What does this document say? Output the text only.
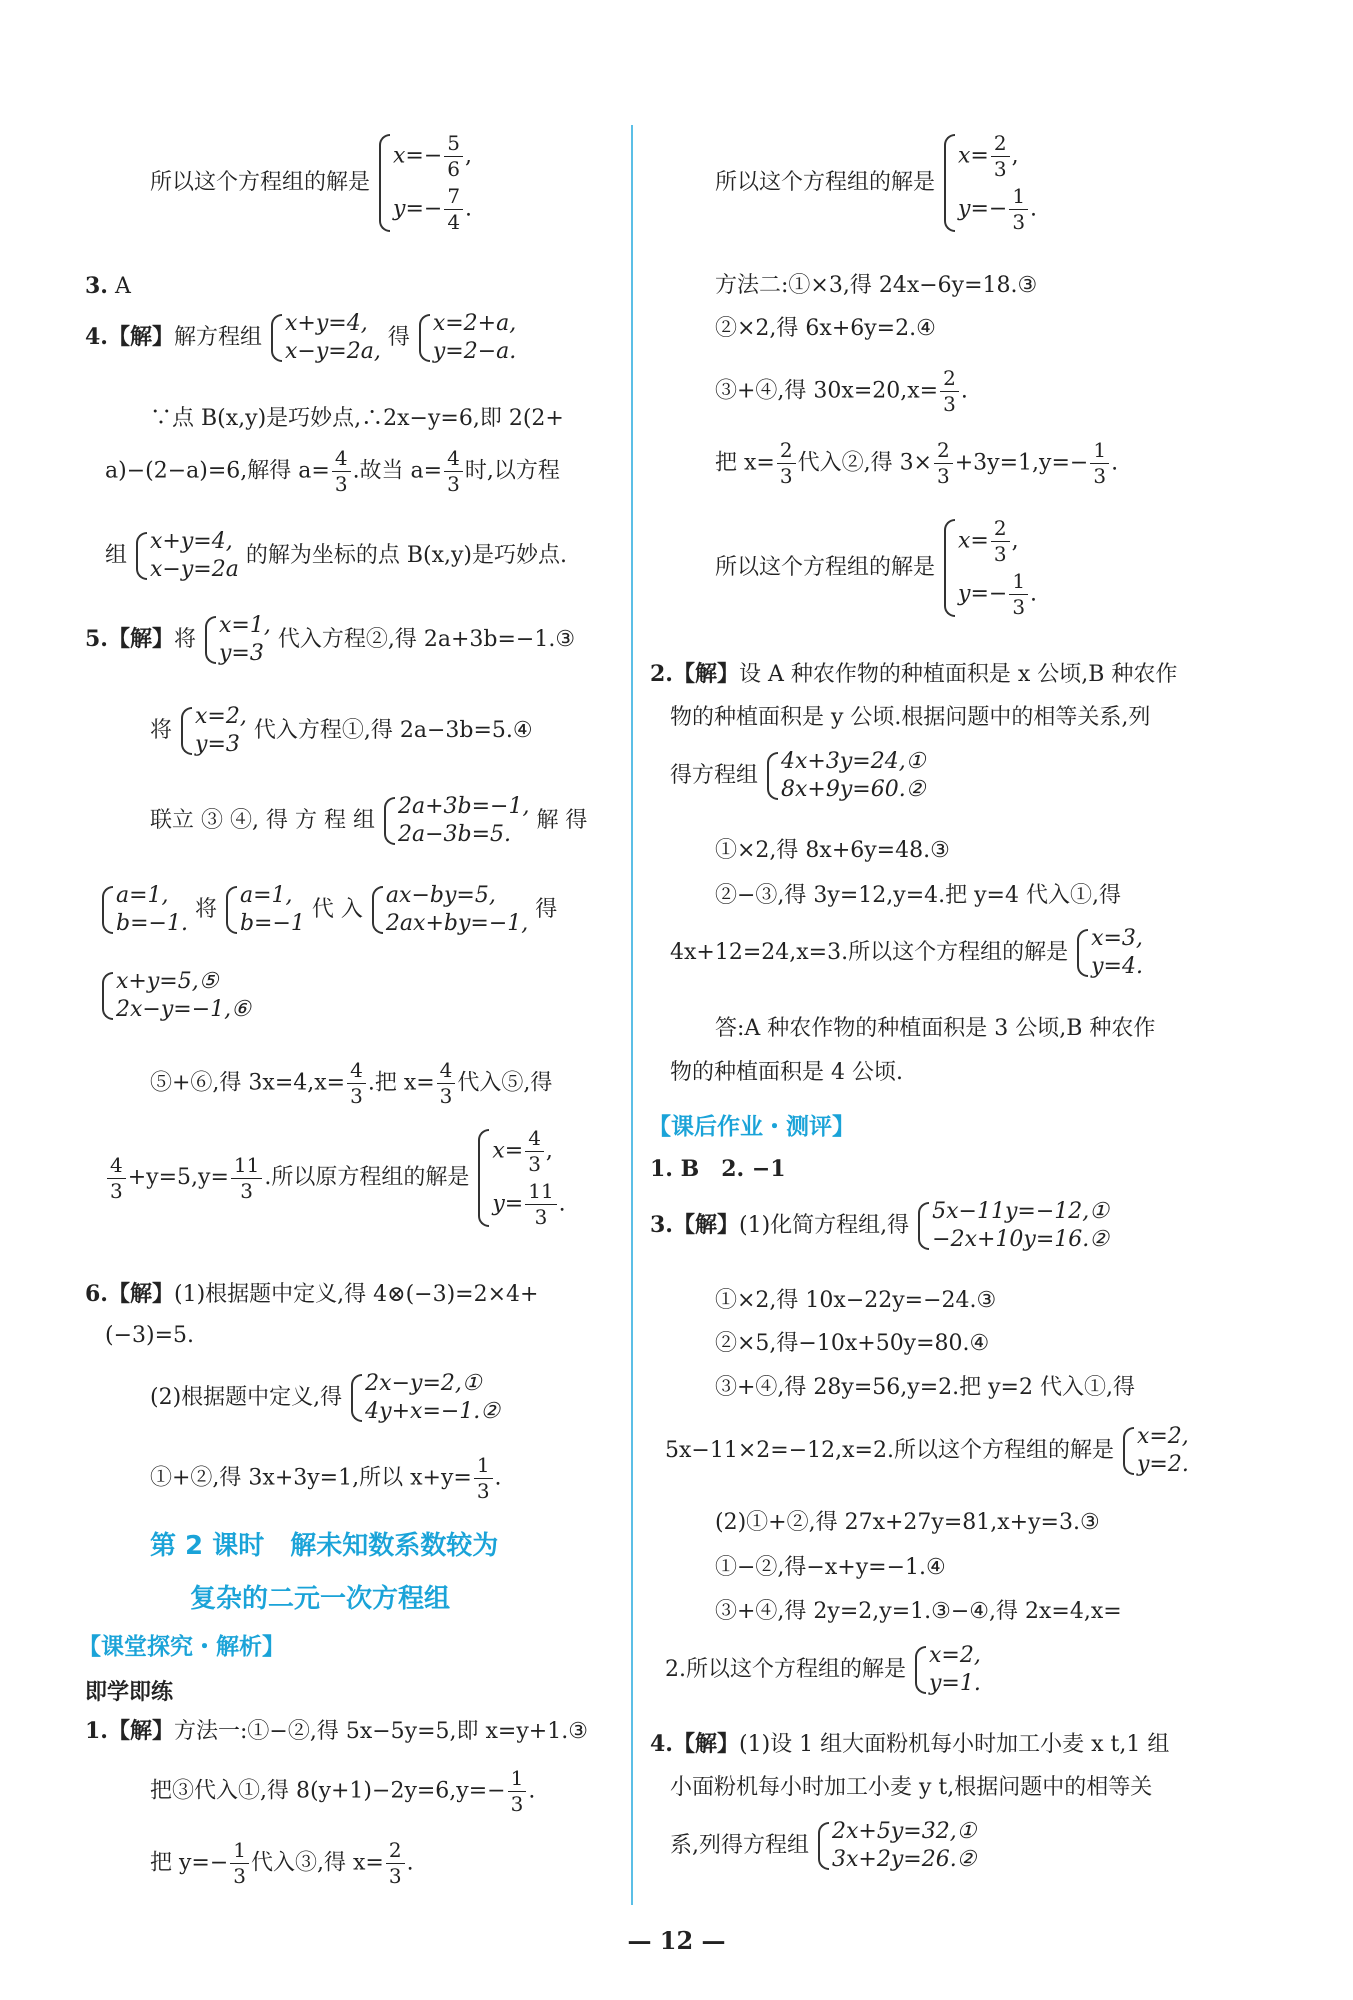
所以这个方程组的解是
$x=- \frac{5}{6}$ ,
$y=- \frac{7}{4}$ .
3. A
4.【解】解方程组
x+y=4,
x−y=2a,
得
x=2+a,
y=2−a.
∵点 B(x,y)是巧妙点,∴2x−y=6,即 2(2+
a)−(2−a)=6,解得 $a= \frac{4}{3}$ .故当 $a= \frac{4}{3}$ 时,以方程
组
x+y=4,
x−y=2a
的解为坐标的点 B(x,y)是巧妙点.
5.【解】将
x=1,
y=3
代入方程②,得 2a+3b=−1.③
将
x=2,
y=3
代入方程①,得 2a−3b=5.④
联立 ③ ④, 得 方 程 组
2a+3b=−1,
2a−3b=5.
解 得
a=1,
b=−1.
将
a=1,
b=−1
代 入
ax−by=5,
2ax+by=−1,
得
x+y=5,⑤
2x−y=−1,⑥
⑤+⑥,得 $3x=4,x= \frac{4}{3}$ .把 $x= \frac{4}{3}$ 代入⑤,得
$\frac{4}{3} +y=5,y= \frac{11}{3}$ .所以原方程组的解是
$x= \frac{4}{3}$ ,
$y= \frac{11}{3}$ .
6.【解】(1)根据题中定义,得 4⊗(−3)=2×4+
(−3)=5.
(2)根据题中定义,得
2x−y=2,①
4y+x=−1.②
①+②,得 3x+3y=1,所以 $x+y= \frac{1}{3}$ .
第 2 课时　解未知数系数较为
复杂的二元一次方程组
【课堂探究・解析】
即学即练
1.【解】方法一:①−②,得 5x−5y=5,即 x=y+1.③
把③代入①,得 $8(y+1)-2y=6,y=- \frac{1}{3}$ .
把 $y=- \frac{1}{3}$ 代入③,得 $x= \frac{2}{3}$ .
所以这个方程组的解是
$x= \frac{2}{3}$ ,
$y=- \frac{1}{3}$ .
方法二:①×3,得 24x−6y=18.③
②×2,得 6x+6y=2.④
③+④,得 $30x=20,x= \frac{2}{3}$ .
把 $x= \frac{2}{3}$ 代入②,得 $3\times \frac{2}{3} +3y=1,y=- \frac{1}{3}$ .
所以这个方程组的解是
$x= \frac{2}{3}$ ,
$y=- \frac{1}{3}$ .
2.【解】设 A 种农作物的种植面积是 x 公顷,B 种农作
物的种植面积是 y 公顷.根据问题中的相等关系,列
得方程组
4x+3y=24,①
8x+9y=60.②
①×2,得 8x+6y=48.③
②−③,得 3y=12,y=4.把 y=4 代入①,得
4x+12=24,x=3.所以这个方程组的解是
x=3,
y=4.
答:A 种农作物的种植面积是 3 公顷,B 种农作
物的种植面积是 4 公顷.
【课后作业・测评】
1. B　2. −1
3.【解】(1)化简方程组,得
5x−11y=−12,①
−2x+10y=16.②
①×2,得 10x−22y=−24.③
②×5,得−10x+50y=80.④
③+④,得 28y=56,y=2.把 y=2 代入①,得
5x−11×2=−12,x=2.所以这个方程组的解是
x=2,
y=2.
(2)①+②,得 27x+27y=81,x+y=3.③
①−②,得−x+y=−1.④
③+④,得 2y=2,y=1.③−④,得 2x=4,x=
2.所以这个方程组的解是
x=2,
y=1.
4.【解】(1)设 1 组大面粉机每小时加工小麦 x t,1 组
小面粉机每小时加工小麦 y t,根据问题中的相等关
系,列得方程组
2x+5y=32,①
3x+2y=26.②
— 12 —
